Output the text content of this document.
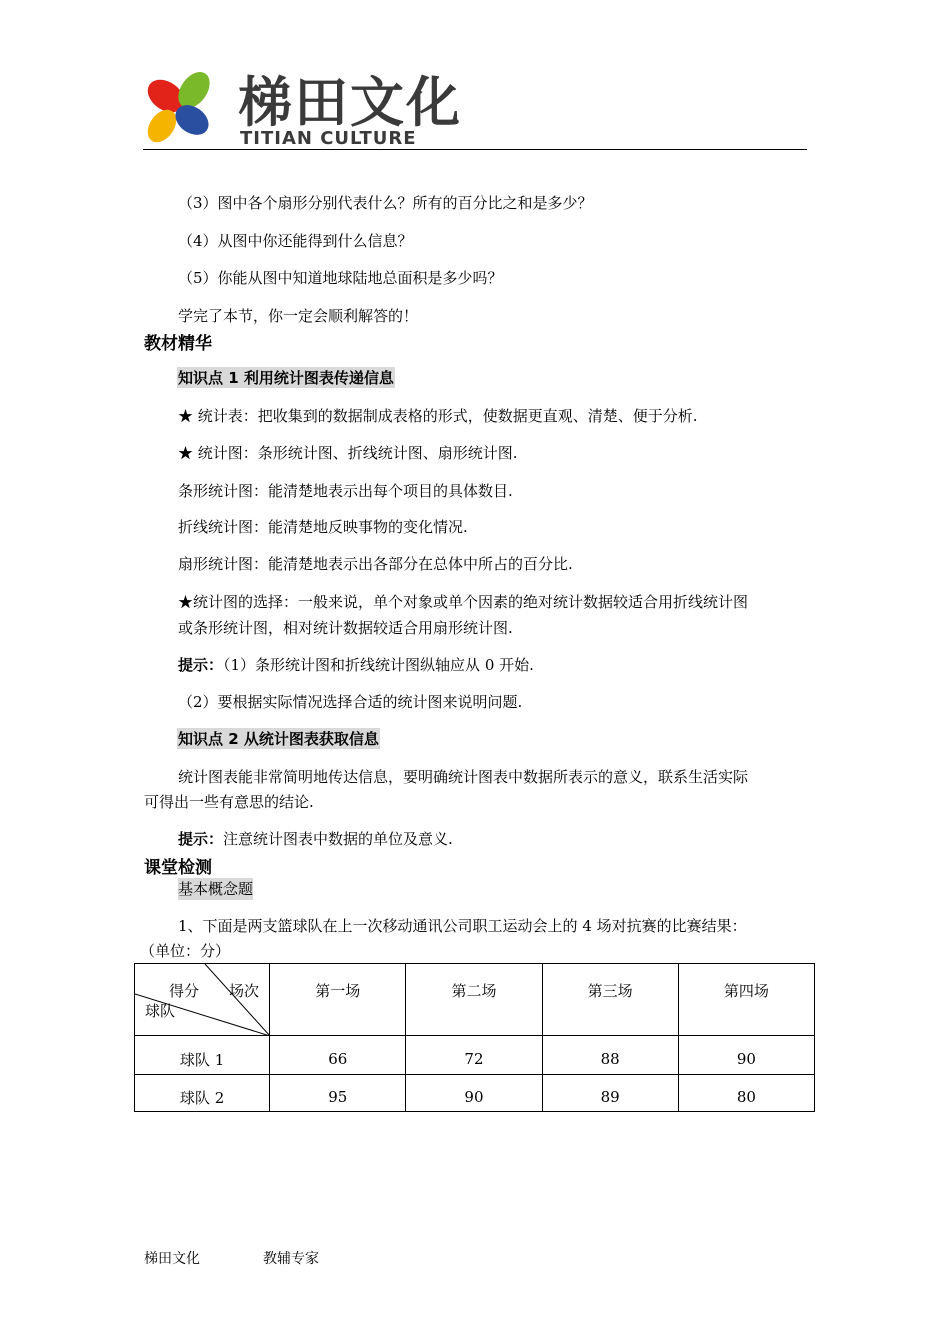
梯田文化
TITIAN CULTURE
（3）图中各个扇形分别代表什么？所有的百分比之和是多少？
（4）从图中你还能得到什么信息？
（5）你能从图中知道地球陆地总面积是多少吗？
学完了本节，你一定会顺利解答的！
教材精华
知识点 1 利用统计图表传递信息
★ 统计表：把收集到的数据制成表格的形式，使数据更直观、清楚、便于分析.
★ 统计图：条形统计图、折线统计图、扇形统计图.
条形统计图：能清楚地表示出每个项目的具体数目.
折线统计图：能清楚地反映事物的变化情况.
扇形统计图：能清楚地表示出各部分在总体中所占的百分比.
★统计图的选择：一般来说，单个对象或单个因素的绝对统计数据较适合用折线统计图
或条形统计图，相对统计数据较适合用扇形统计图.
提示：（1）条形统计图和折线统计图纵轴应从 0 开始.
（2）要根据实际情况选择合适的统计图来说明问题.
知识点 2 从统计图表获取信息
统计图表能非常简明地传达信息，要明确统计图表中数据所表示的意义，联系生活实际
可得出一些有意思的结论.
提示：注意统计图表中数据的单位及意义.
课堂检测
基本概念题
1、下面是两支篮球队在上一次移动通讯公司职工运动会上的 4 场对抗赛的比赛结果：
（单位：分）
得分 场次
球队	第一场	第二场	第三场	第四场
球队 1	66	72	88	90
球队 2	95	90	89	80
梯田文化	教辅专家
